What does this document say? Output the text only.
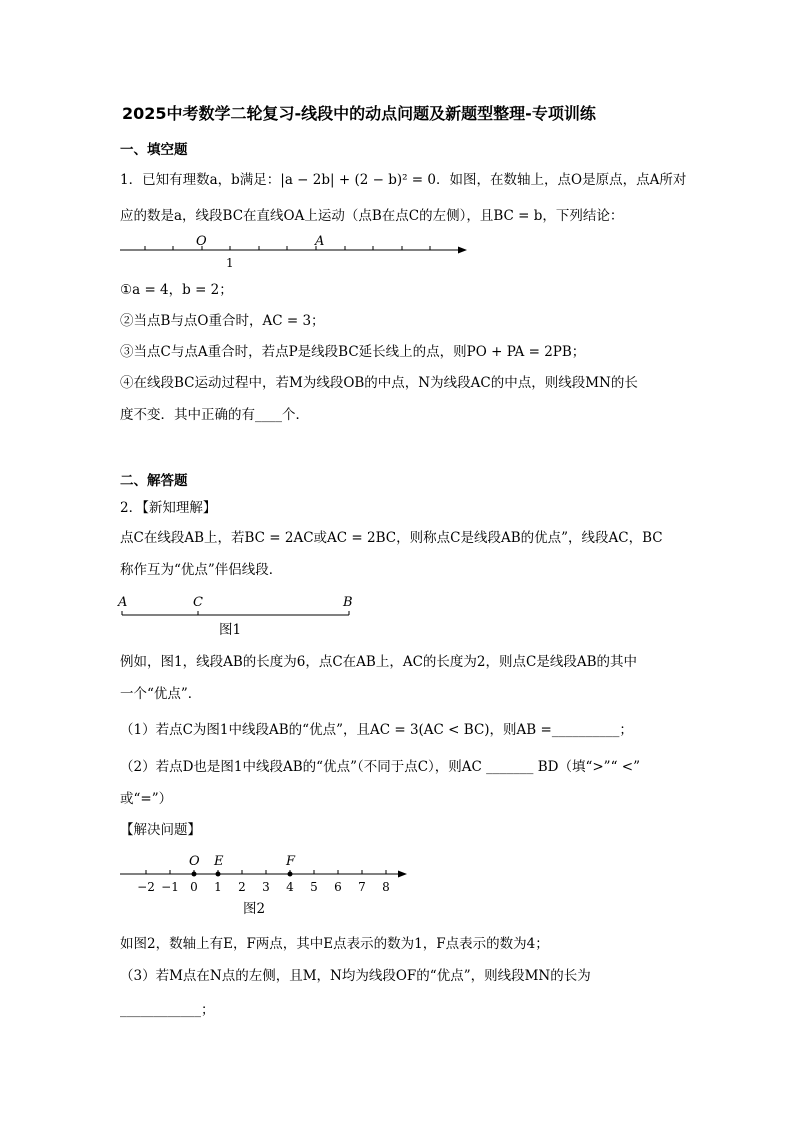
2025中考数学二轮复习-线段中的动点问题及新题型整理-专项训练
一、填空题
1．已知有理数a，b满足：|a − 2b| + (2 − b)² = 0．如图，在数轴上，点O是原点，点A所对
应的数是a，线段BC在直线OA上运动（点B在点C的左侧），且BC = b，下列结论：
O	A
1
①a = 4，b = 2；
②当点B与点O重合时，AC = 3；
③当点C与点A重合时，若点P是线段BC延长线上的点，则PO + PA = 2PB；
④在线段BC运动过程中，若M为线段OB的中点，N为线段AC的中点，则线段MN的长
度不变．其中正确的有____个．
二、解答题
2．【新知理解】
点C在线段AB上，若BC = 2AC或AC = 2BC，则称点C是线段AB的优点”，线段AC，BC
称作互为“优点”伴侣线段．
A	C	B
图1
例如，图1，线段AB的长度为6，点C在AB上，AC的长度为2，则点C是线段AB的其中
一个“优点”．
（1）若点C为图1中线段AB的“优点”，且AC = 3(AC < BC)，则AB =__________；
（2）若点D也是图1中线段AB的“优点”（不同于点C），则AC _______ BD（填“>”“ <”
或“=”）
【解决问题】
O E	F
−2 −1 0 1 2 3 4 5 6 7 8
图2
如图2，数轴上有E，F两点，其中E点表示的数为1，F点表示的数为4；
（3）若M点在N点的左侧，且M，N均为线段OF的“优点”，则线段MN的长为
____________；
